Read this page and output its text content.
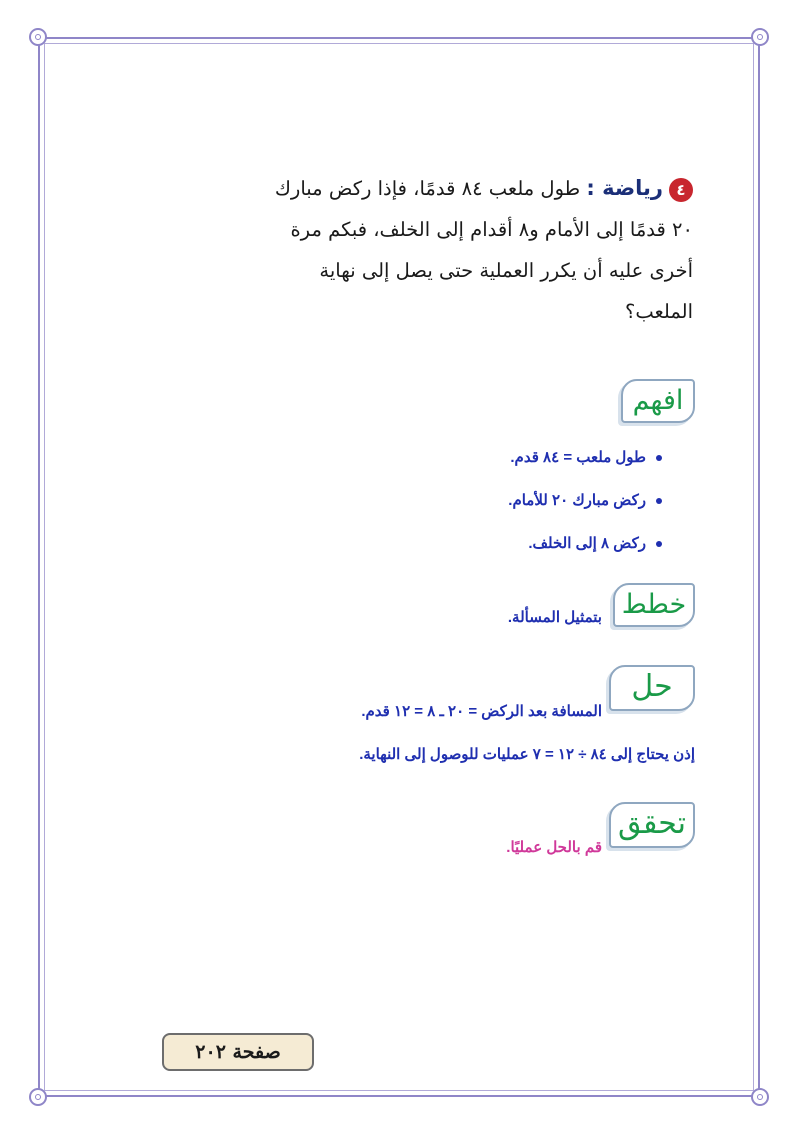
٤رياضة : طول ملعب ٨٤ قدمًا، فإذا ركض مبارك ٢٠ قدمًا إلى الأمام و٨ أقدام إلى الخلف، فبكم مرة أخرى عليه أن يكرر العملية حتى يصل إلى نهاية الملعب؟
افهم
طول ملعب = ٨٤ قدم.
ركض مبارك ٢٠ للأمام.
ركض ٨ إلى الخلف.
خطط
بتمثيل المسألة.
حل
المسافة بعد الركض = ٢٠ ـ ٨ = ١٢ قدم.
إذن يحتاج إلى ٨٤ ÷ ١٢ = ٧ عمليات للوصول إلى النهاية.
تحقق
قم بالحل عمليًا.
صفحة ٢٠٢
